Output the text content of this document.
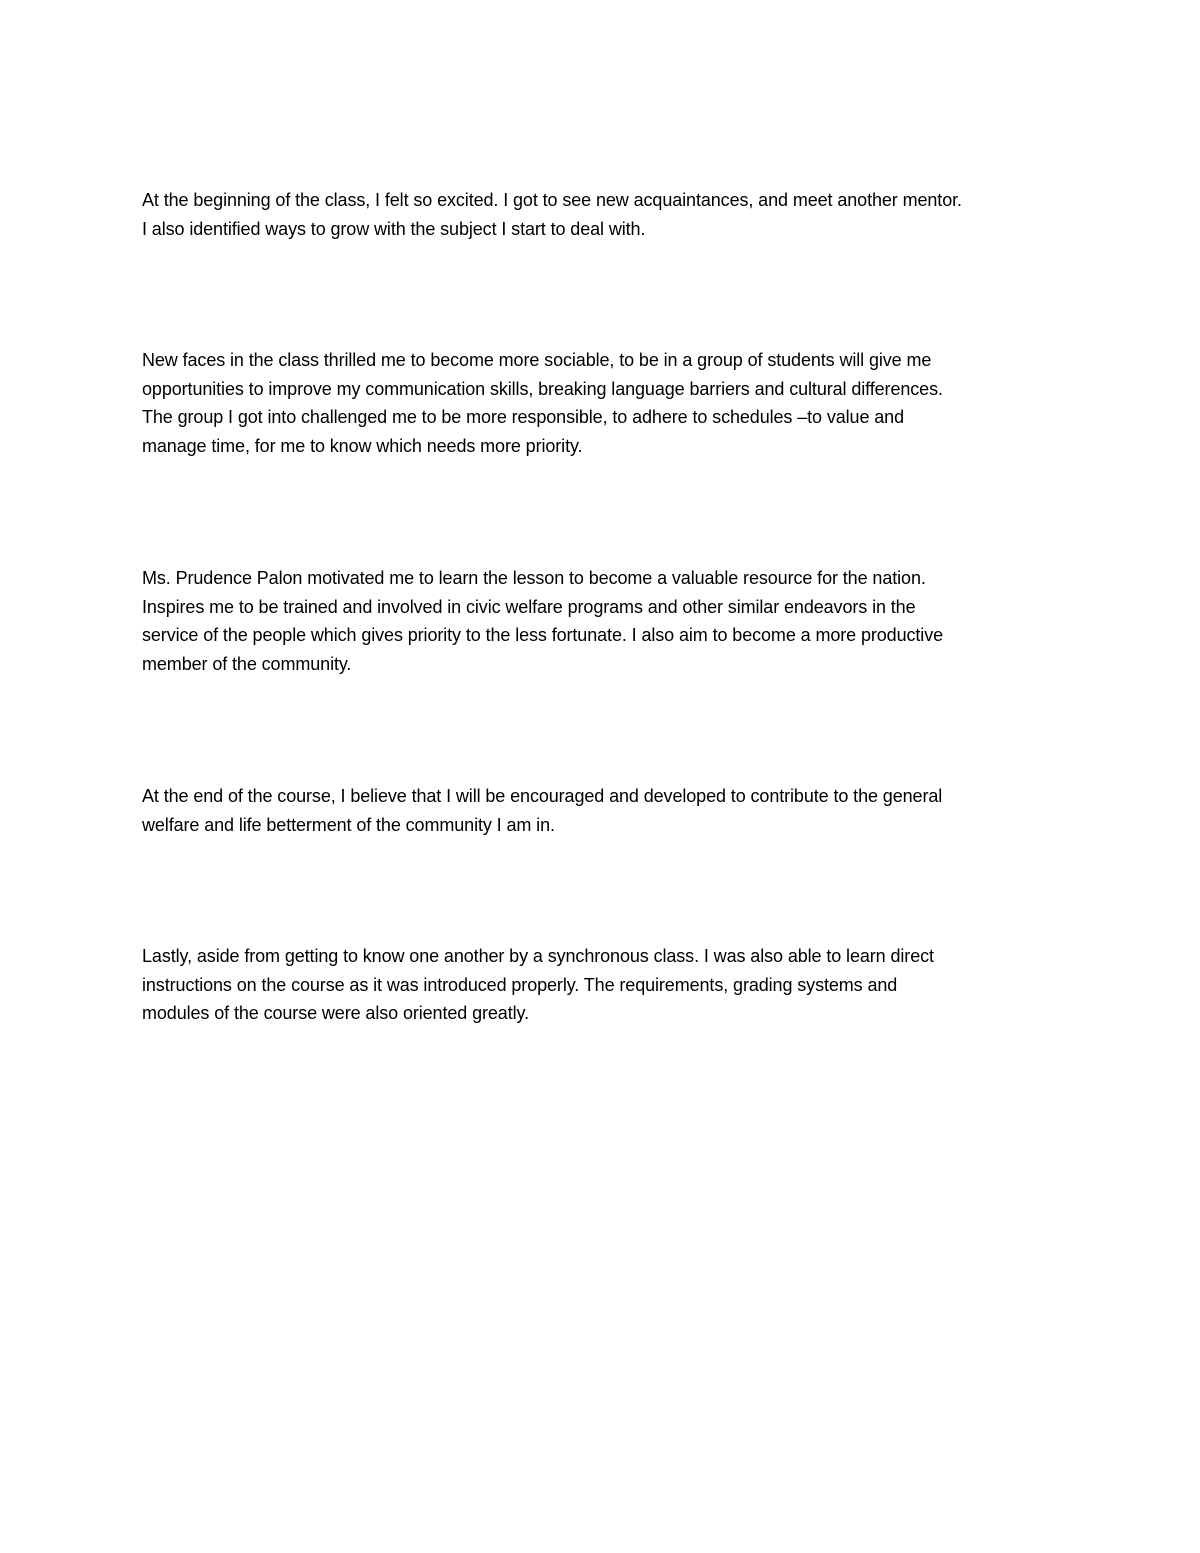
At the beginning of the class, I felt so excited. I got to see new acquaintances, and meet another mentor.
I also identified ways to grow with the subject I start to deal with.

New faces in the class thrilled me to become more sociable, to be in a group of students will give me
opportunities to improve my communication skills, breaking language barriers and cultural differences.
The group I got into challenged me to be more responsible, to adhere to schedules –to value and
manage time, for me to know which needs more priority.

Ms. Prudence Palon motivated me to learn the lesson to become a valuable resource for the nation.
Inspires me to be trained and involved in civic welfare programs and other similar endeavors in the
service of the people which gives priority to the less fortunate. I also aim to become a more productive
member of the community.

At the end of the course, I believe that I will be encouraged and developed to contribute to the general
welfare and life betterment of the community I am in.

Lastly, aside from getting to know one another by a synchronous class. I was also able to learn direct
instructions on the course as it was introduced properly. The requirements, grading systems and
modules of the course were also oriented greatly.
